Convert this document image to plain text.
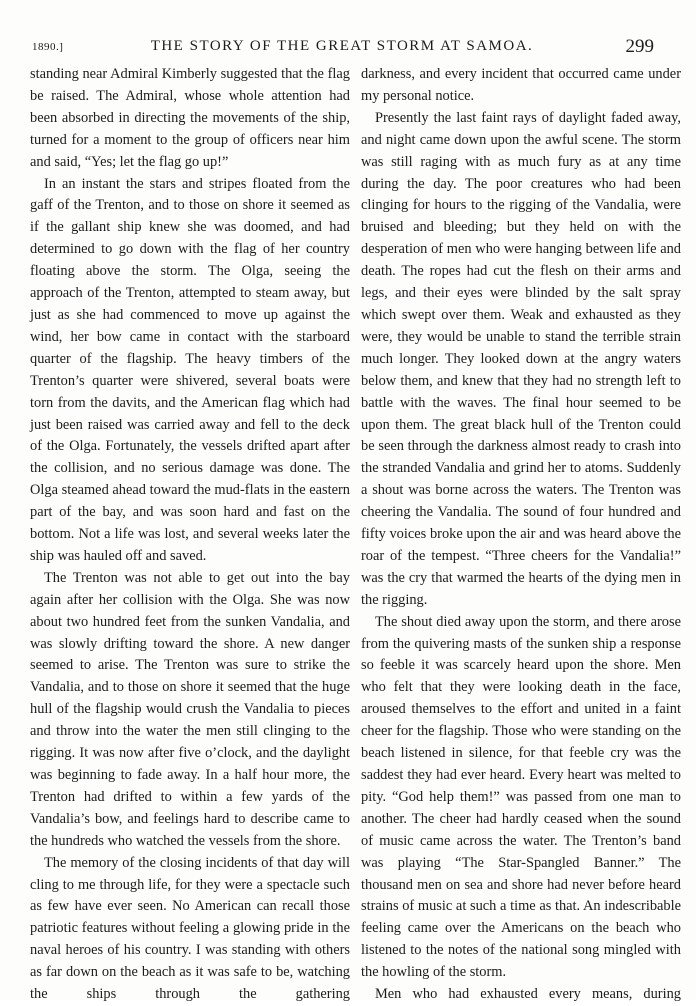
1890.]	THE STORY OF THE GREAT STORM AT SAMOA.	299

standing near Admiral Kimberly suggested that the flag be raised. The Admiral, whose whole attention had been absorbed in directing the movements of the ship, turned for a moment to the group of officers near him and said, “Yes; let the flag go up!”

In an instant the stars and stripes floated from the gaff of the Trenton, and to those on shore it seemed as if the gallant ship knew she was doomed, and had determined to go down with the flag of her country floating above the storm. The Olga, seeing the approach of the Trenton, attempted to steam away, but just as she had commenced to move up against the wind, her bow came in contact with the starboard quarter of the flagship. The heavy timbers of the Trenton’s quarter were shivered, several boats were torn from the davits, and the American flag which had just been raised was carried away and fell to the deck of the Olga. Fortunately, the vessels drifted apart after the collision, and no serious damage was done. The Olga steamed ahead toward the mud-flats in the eastern part of the bay, and was soon hard and fast on the bottom. Not a life was lost, and several weeks later the ship was hauled off and saved.

The Trenton was not able to get out into the bay again after her collision with the Olga. She was now about two hundred feet from the sunken Vandalia, and was slowly drifting toward the shore. A new danger seemed to arise. The Trenton was sure to strike the Vandalia, and to those on shore it seemed that the huge hull of the flagship would crush the Vandalia to pieces and throw into the water the men still clinging to the rigging. It was now after five o’clock, and the daylight was beginning to fade away. In a half hour more, the Trenton had drifted to within a few yards of the Vandalia’s bow, and feelings hard to describe came to the hundreds who watched the vessels from the shore.

The memory of the closing incidents of that day will cling to me through life, for they were a spectacle such as few have ever seen. No American can recall those patriotic features without feeling a glowing pride in the naval heroes of his country. I was standing with others as far down on the beach as it was safe to be, watching the ships through the gathering

darkness, and every incident that occurred came under my personal notice.

Presently the last faint rays of daylight faded away, and night came down upon the awful scene. The storm was still raging with as much fury as at any time during the day. The poor creatures who had been clinging for hours to the rigging of the Vandalia, were bruised and bleeding; but they held on with the desperation of men who were hanging between life and death. The ropes had cut the flesh on their arms and legs, and their eyes were blinded by the salt spray which swept over them. Weak and exhausted as they were, they would be unable to stand the terrible strain much longer. They looked down at the angry waters below them, and knew that they had no strength left to battle with the waves. The final hour seemed to be upon them. The great black hull of the Trenton could be seen through the darkness almost ready to crash into the stranded Vandalia and grind her to atoms. Suddenly a shout was borne across the waters. The Trenton was cheering the Vandalia. The sound of four hundred and fifty voices broke upon the air and was heard above the roar of the tempest. “Three cheers for the Vandalia!” was the cry that warmed the hearts of the dying men in the rigging.

The shout died away upon the storm, and there arose from the quivering masts of the sunken ship a response so feeble it was scarcely heard upon the shore. Men who felt that they were looking death in the face, aroused themselves to the effort and united in a faint cheer for the flagship. Those who were standing on the beach listened in silence, for that feeble cry was the saddest they had ever heard. Every heart was melted to pity. “God help them!” was passed from one man to another. The cheer had hardly ceased when the sound of music came across the water. The Trenton’s band was playing “The Star-Spangled Banner.” The thousand men on sea and shore had never before heard strains of music at such a time as that. An indescribable feeling came over the Americans on the beach who listened to the notes of the national song mingled with the howling of the storm.

Men who had exhausted every means, during
